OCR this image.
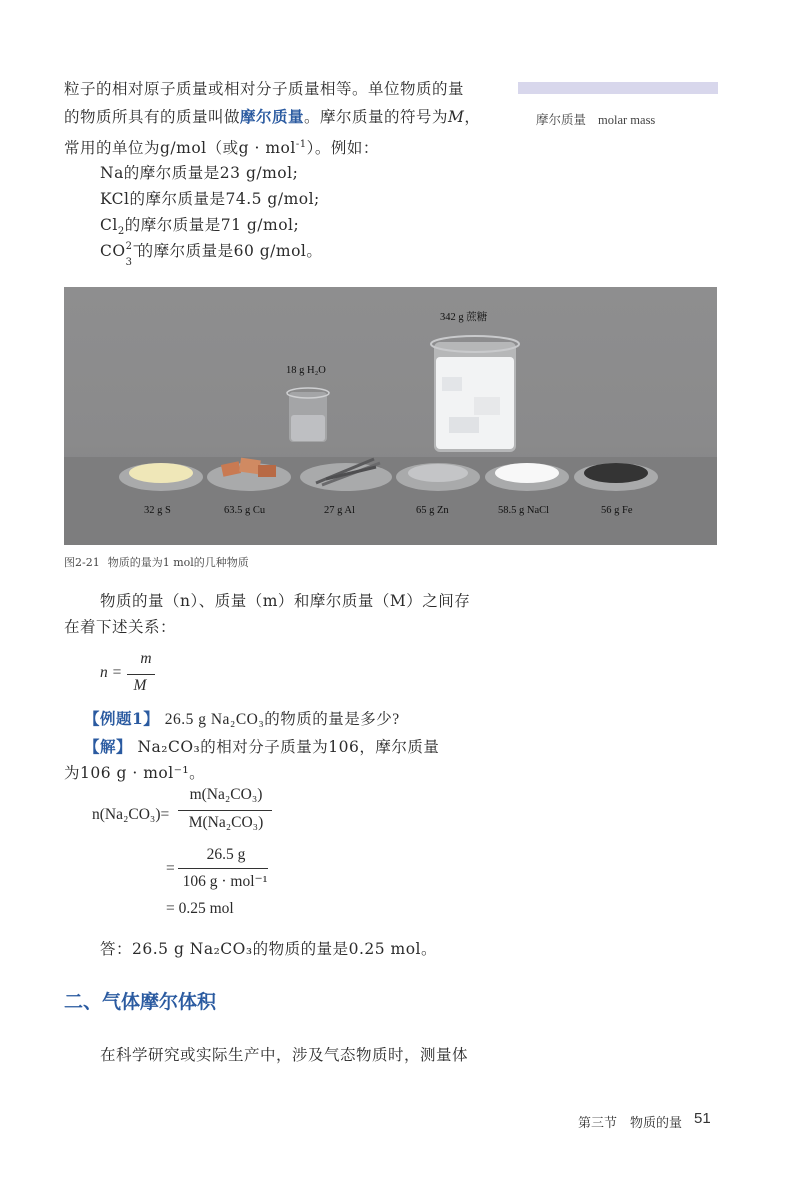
摩尔质量 molar mass
粒子的相对原子质量或相对分子质量相等。单位物质的量
的物质所具有的质量叫做摩尔质量。摩尔质量的符号为M，
常用的单位为g/mol（或g · mol$^{-1}$）。例如：
Na的摩尔质量是23 g/mol;
KCl的摩尔质量是74.5 g/mol;
$Cl_2$的摩尔质量是71 g/mol;
CO 2−
3
的摩尔质量是60 g/mol。
342 g 蔗糖
18 g H₂O
32 g S	63.5 g Cu	27 g Al	65 g Zn	58.5 g NaCl	56 g Fe
图2-21 物质的量为1 mol的几种物质
物质的量（n）、质量（m）和摩尔质量（M）之间存
在着下述关系：
n =
m
M
【例题1】 26.5 g Na₂CO₃的物质的量是多少?
【解】 Na₂CO₃的相对分子质量为106，摩尔质量
为106 g · mol⁻¹。
n(Na₂CO₃)=
m(Na₂CO₃)
M(Na₂CO₃)
=
26.5 g
106 g · mol⁻¹
= 0.25 mol
答：26.5 g Na₂CO₃的物质的量是0.25 mol。
二、气体摩尔体积
在科学研究或实际生产中，涉及气态物质时，测量体
第三节　物质的量 51
